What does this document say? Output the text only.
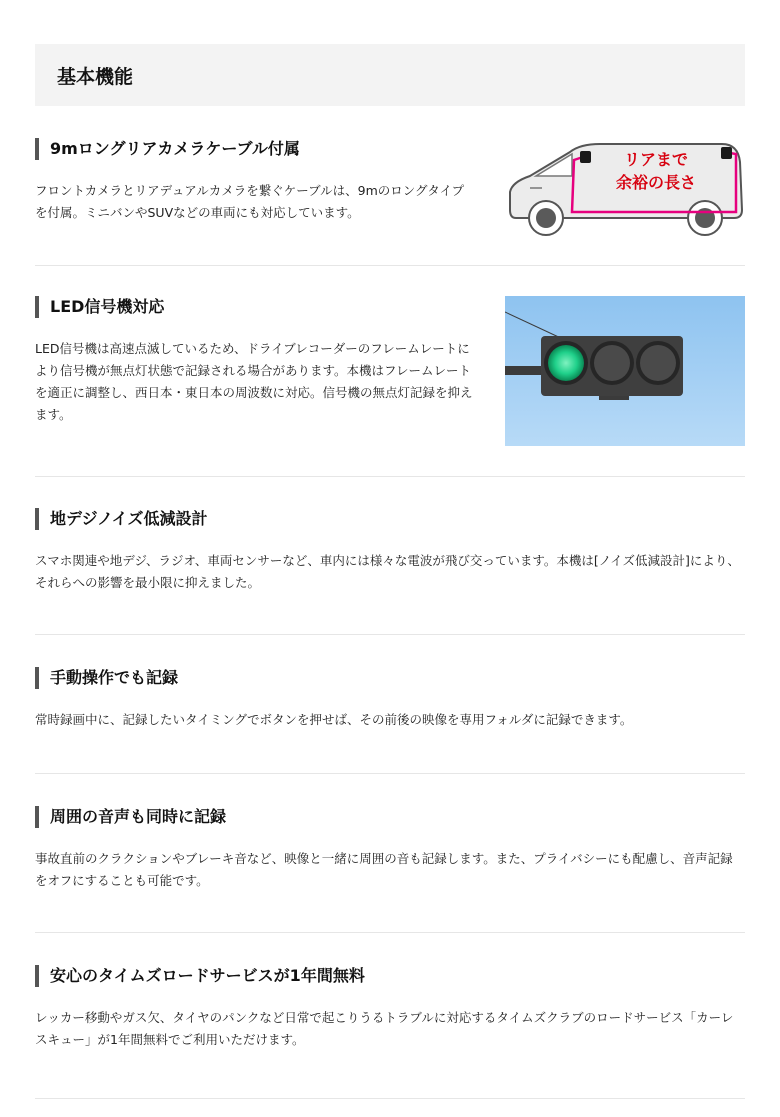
基本機能
9mロングリアカメラケーブル付属

フロントカメラとリアデュアルカメラを繋ぐケーブルは、9mのロングタイプを付属。ミニバンやSUVなどの車両にも対応しています。

リアまで
余裕の長さ
LED信号機対応

LED信号機は高速点滅しているため、ドライブレコーダーのフレームレートにより信号機が無点灯状態で記録される場合があります。本機はフレームレートを適正に調整し、西日本・東日本の周波数に対応。信号機の無点灯記録を抑えます。

地デジノイズ低減設計

スマホ関連や地デジ、ラジオ、車両センサーなど、車内には様々な電波が飛び交っています。本機は[ノイズ低減設計]により、それらへの影響を最小限に抑えました。

手動操作でも記録

常時録画中に、記録したいタイミングでボタンを押せば、その前後の映像を専用フォルダに記録できます。

周囲の音声も同時に記録

事故直前のクラクションやブレーキ音など、映像と一緒に周囲の音も記録します。また、プライバシーにも配慮し、音声記録をオフにすることも可能です。

安心のタイムズロードサービスが1年間無料

レッカー移動やガス欠、タイヤのパンクなど日常で起こりうるトラブルに対応するタイムズクラブのロードサービス「カーレスキュー」が1年間無料でご利用いただけます。
